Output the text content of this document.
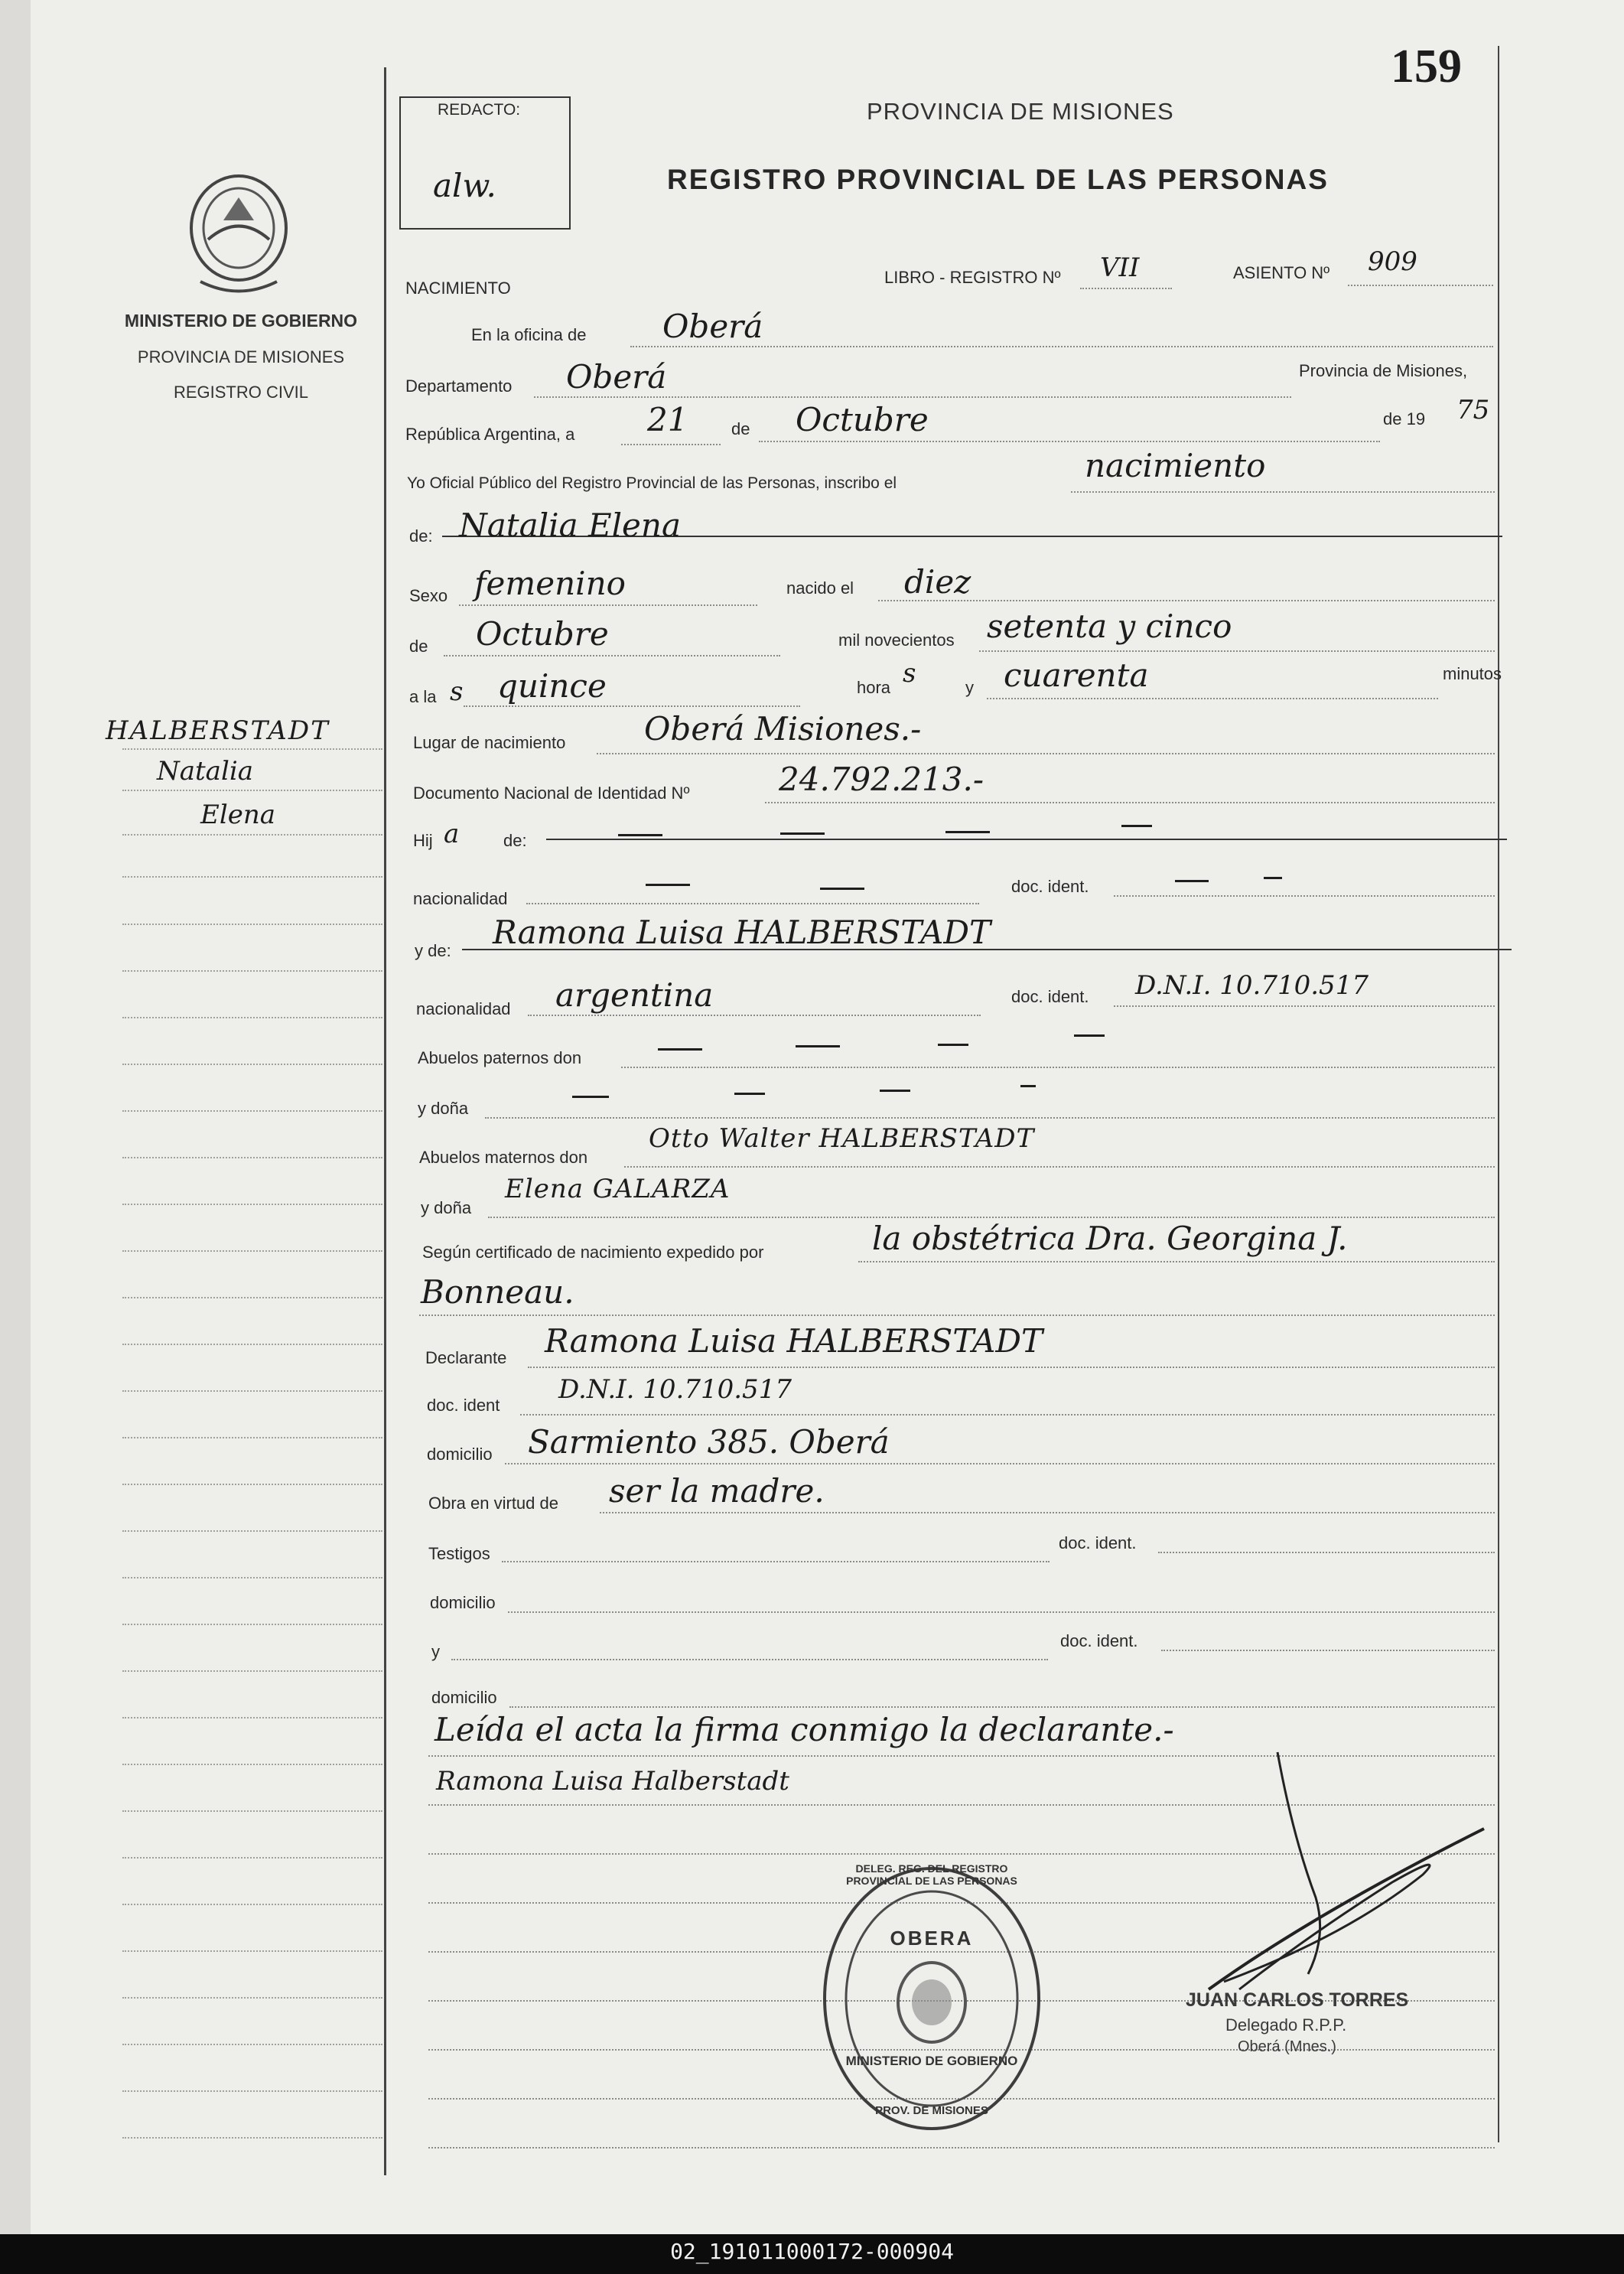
159
REDACTO:
alw.
PROVINCIA DE MISIONES
REGISTRO PROVINCIAL DE LAS PERSONAS
MINISTERIO DE GOBIERNO
PROVINCIA DE MISIONES
REGISTRO CIVIL
HALBERSTADT
Natalia
Elena
NACIMIENTO
LIBRO - REGISTRO Nº VII	ASIENTO Nº 909
En la oficina de Oberá
Departamento Oberá	Provincia de Misiones,
República Argentina, a 21	de Octubre	de 19 75
Yo Oficial Público del Registro Provincial de las Personas, inscribo el	nacimiento
de: Natalia Elena
Sexo femenino	nacido el diez
de Octubre	mil novecientos setenta y cinco
a la s quince	hora s	y cuarenta	minutos
Lugar de nacimiento Oberá Misiones.-
Documento Nacional de Identidad Nº	24.792.213.-
Hij a	de:
nacionalidad
doc. ident.
y de: Ramona Luisa HALBERSTADT
nacionalidad argentina	doc. ident. D.N.I. 10.710.517
Abuelos paternos don
y doña
Abuelos maternos don
Otto Walter HALBERSTADT
y doña
Elena GALARZA
Según certificado de nacimiento expedido por	la obstétrica Dra. Georgina J.
Bonneau.
Declarante Ramona Luisa HALBERSTADT
doc. ident
D.N.I. 10.710.517
domicilio Sarmiento 385. Oberá
Obra en virtud de ser la madre.
Testigos
doc. ident.
domicilio
y
doc. ident.
domicilio
Leída el acta la firma conmigo la declarante.-
Ramona Luisa Halberstadt
DELEG. REG. DEL REGISTRO PROVINCIAL DE LAS PERSONAS
OBERA
MINISTERIO DE GOBIERNO
PROV. DE MISIONES
JUAN CARLOS TORRES
Delegado R.P.P.
Oberá (Mnes.)
02_191011000172-000904
